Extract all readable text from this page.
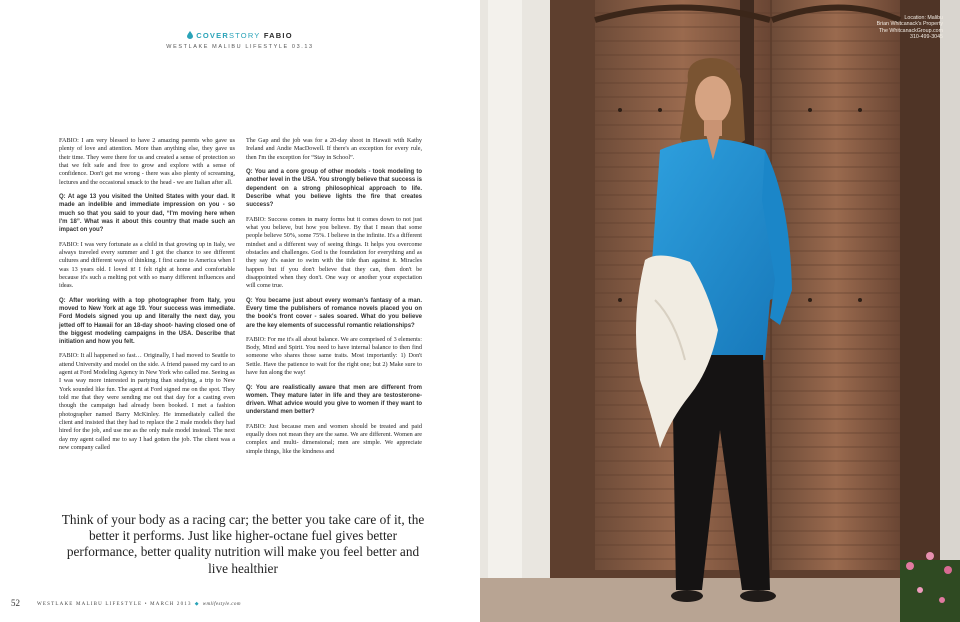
COVERSTORY FABIO
WESTLAKE MALIBU LIFESTYLE 03.13

FABIO: I am very blessed to have 2 amazing parents who gave us plenty of love and attention. More than anything else, they gave us their time. They were there for us and created a sense of protection so that we felt safe and free to grow and explore with a sense of confidence. Don't get me wrong - there was also plenty of screaming, lectures and the occasional smack to the head - we are Italian after all.

Q: At age 13 you visited the United States with your dad. It made an indelible and immediate impression on you - so much so that you said to your dad, “I'm moving here when I'm 18”. What was it about this country that made such an impact on you?

FABIO: I was very fortunate as a child in that growing up in Italy, we always traveled every summer and I got the chance to see different cultures and different ways of thinking. I first came to America when I was 13 years old. I loved it! I felt right at home and comfortable because it's such a melting pot with so many different influences and ideas.

Q: After working with a top photographer from Italy, you moved to New York at age 19. Your success was immediate. Ford Models signed you up and literally the next day, you jetted off to Hawaii for an 18-day shoot- having closed one of the biggest modeling campaigns in the USA. Describe that initiation and how you felt.

FABIO: It all happened so fast… Originally, I had moved to Seattle to attend University and model on the side. A friend passed my card to an agent at Ford Modeling Agency in New York who called me. Seeing as I was way more interested in partying than studying, a trip to New York sounded like fun. The agent at Ford signed me on the spot. They told me that they were sending me out that day for a casting even though the campaign had already been booked. I met a fashion photographer named Barry McKinley. He immediately called the client and insisted that they had to replace the 2 male models they had hired for the job, and use me as the only male model instead. The next day my agent called me to say I had gotten the job. The client was a new company called

The Gap and the job was for a 20-day shoot in Hawaii with Kathy Ireland and Andie MacDowell. If there's an exception for every rule, then I'm the exception for “Stay in School”.

Q: You and a core group of other models - took modeling to another level in the USA. You strongly believe that success is dependent on a strong philosophical approach to life. Describe what you believe lights the fire that creates success?

FABIO: Success comes in many forms but it comes down to not just what you believe, but how you believe. By that I mean that some people believe 50%, some 75%. I believe in the infinite. It's a different mindset and a different way of seeing things. It helps you overcome obstacles and challenges. God is the foundation for everything and as they say it's easier to swim with the tide than against it. Miracles happen but if you don't believe that they can, then don't be disappointed when they don't. One way or another your expectation will come true.

Q: You became just about every woman's fantasy of a man. Every time the publishers of romance novels placed you on the book's front cover - sales soared. What do you believe are the key elements of successful romantic relationships?

FABIO: For me it's all about balance. We are comprised of 3 elements: Body, Mind and Spirit. You need to have internal balance to then find someone who shares those same traits. Most importantly: 1) Don't Settle. Have the patience to wait for the right one; but 2) Make sure to have fun along the way!

Q: You are realistically aware that men are different from women. They mature later in life and they are testosterone-driven. What advice would you give to women if they want to understand men better?

FABIO: Just because men and women should be treated and paid equally does not mean they are the same. We are different. Women are complex and multi- dimensional; men are simple. We appreciate simple things, like the kindness and

Think of your body as a racing car; the better you take care of it, the better it performs. Just like higher-octane fuel gives better performance, better quality nutrition will make you feel better and live healthier
52	WESTLAKE MALIBU LIFESTYLE • MARCH 2013 ◆ wmlifestyle.com
Location: Malibu
Brian Whitcanack's Property
The WhitcanackGroup.com
310-499-3045
